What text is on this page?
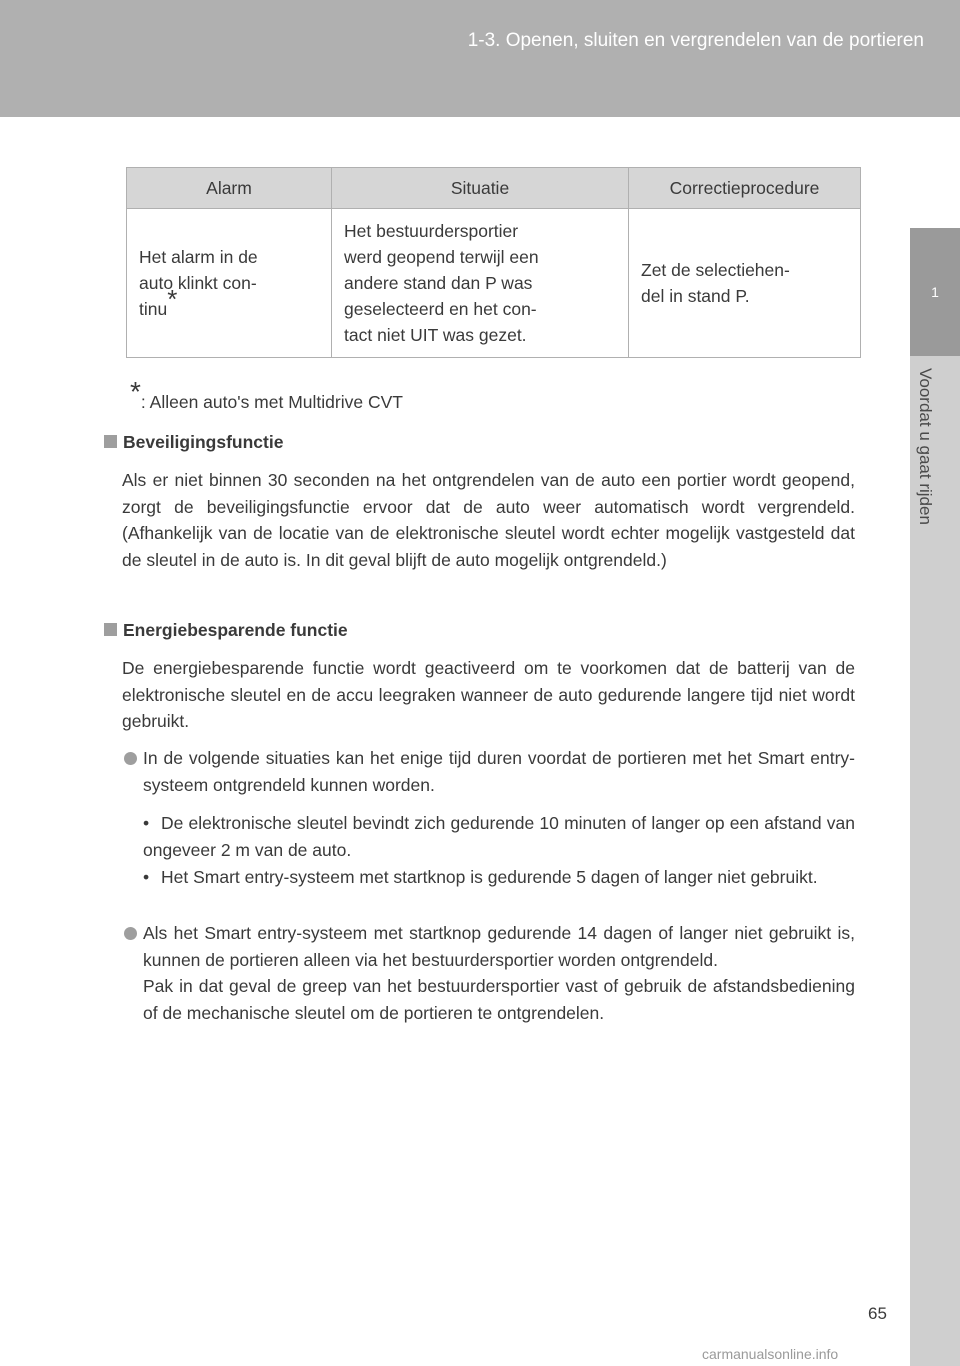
1-3. Openen, sluiten en vergrendelen van de portieren
1
Voordat u gaat rijden
Alarm	Situatie	Correctieprocedure
Het alarm in de
auto klinkt con-
tinu*	Het bestuurdersportier
werd geopend terwijl een
andere stand dan P was
geselecteerd en het con-
tact niet UIT was gezet.	Zet de selectiehen-
del in stand P.
*: Alleen auto's met Multidrive CVT
Beveiligingsfunctie
Als er niet binnen 30 seconden na het ontgrendelen van de auto een portier wordt geopend, zorgt de beveiligingsfunctie ervoor dat de auto weer automatisch wordt vergrendeld. (Afhankelijk van de locatie van de elektronische sleutel wordt echter mogelijk vastgesteld dat de sleutel in de auto is. In dit geval blijft de auto mogelijk ontgrendeld.)
Energiebesparende functie
De energiebesparende functie wordt geactiveerd om te voorkomen dat de batterij van de elektronische sleutel en de accu leegraken wanneer de auto gedurende langere tijd niet wordt gebruikt.
In de volgende situaties kan het enige tijd duren voordat de portieren met het Smart entry-systeem ontgrendeld kunnen worden.
• De elektronische sleutel bevindt zich gedurende 10 minuten of langer op een afstand van ongeveer 2 m van de auto.
• Het Smart entry-systeem met startknop is gedurende 5 dagen of langer niet gebruikt.
Als het Smart entry-systeem met startknop gedurende 14 dagen of langer niet gebruikt is, kunnen de portieren alleen via het bestuurdersportier worden ontgrendeld.
Pak in dat geval de greep van het bestuurdersportier vast of gebruik de afstandsbediening of de mechanische sleutel om de portieren te ontgrendelen.
65
carmanualsonline.info
